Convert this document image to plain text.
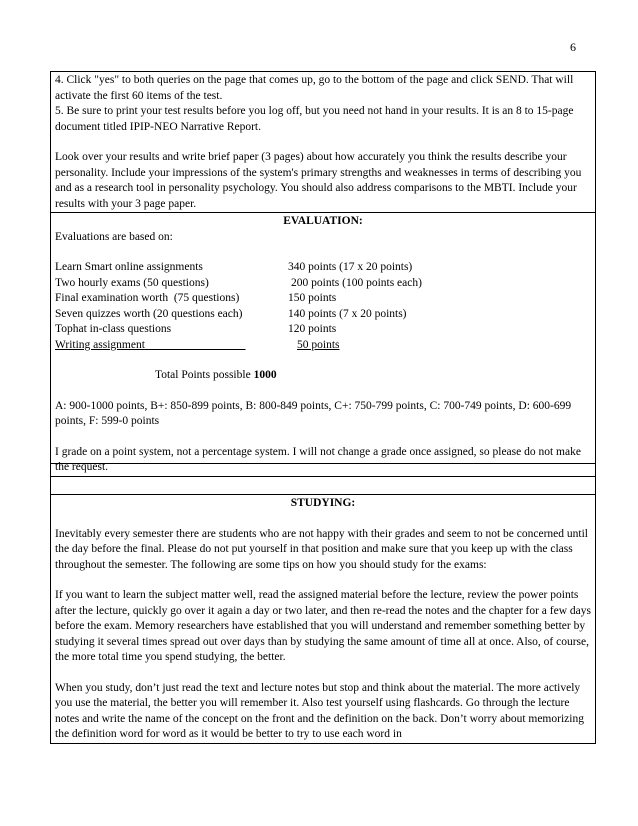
6

4. Click "yes" to both queries on the page that comes up, go to the bottom of the page and click SEND. That will activate the first 60 items of the test.

5. Be sure to print your test results before you log off, but you need not hand in your results. It is an 8 to 15-page document titled IPIP-NEO Narrative Report.

Look over your results and write brief paper (3 pages) about how accurately you think the results describe your personality. Include your impressions of the system's primary strengths and weaknesses in terms of describing you and as a research tool in personality psychology. You should also address comparisons to the MBTI. Include your results with your 3 page paper.

EVALUATION:

Evaluations are based on:

Learn Smart online assignments	340 points (17 x 20 points)
Two hourly exams (50 questions)	200 points (100 points each)
Final examination worth  (75 questions)	150 points
Seven quizzes worth (20 questions each)	140 points (7 x 20 points)
Tophat in-class questions	120 points
Writing assignment	50 points

Total Points possible 1000

A: 900-1000 points, B+: 850-899 points, B: 800-849 points, C+: 750-799 points, C: 700-749 points, D: 600-699 points, F: 599-0 points

I grade on a point system, not a percentage system. I will not change a grade once assigned, so please do not make the request.

STUDYING:

Inevitably every semester there are students who are not happy with their grades and seem to not be concerned until the day before the final. Please do not put yourself in that position and make sure that you keep up with the class throughout the semester. The following are some tips on how you should study for the exams:

If you want to learn the subject matter well, read the assigned material before the lecture, review the power points after the lecture, quickly go over it again a day or two later, and then re-read the notes and the chapter for a few days before the exam. Memory researchers have established that you will understand and remember something better by studying it several times spread out over days than by studying the same amount of time all at once. Also, of course, the more total time you spend studying, the better.

When you study, don’t just read the text and lecture notes but stop and think about the material. The more actively you use the material, the better you will remember it. Also test yourself using flashcards. Go through the lecture notes and write the name of the concept on the front and the definition on the back. Don’t worry about memorizing the definition word for word as it would be better to try to use each word in
